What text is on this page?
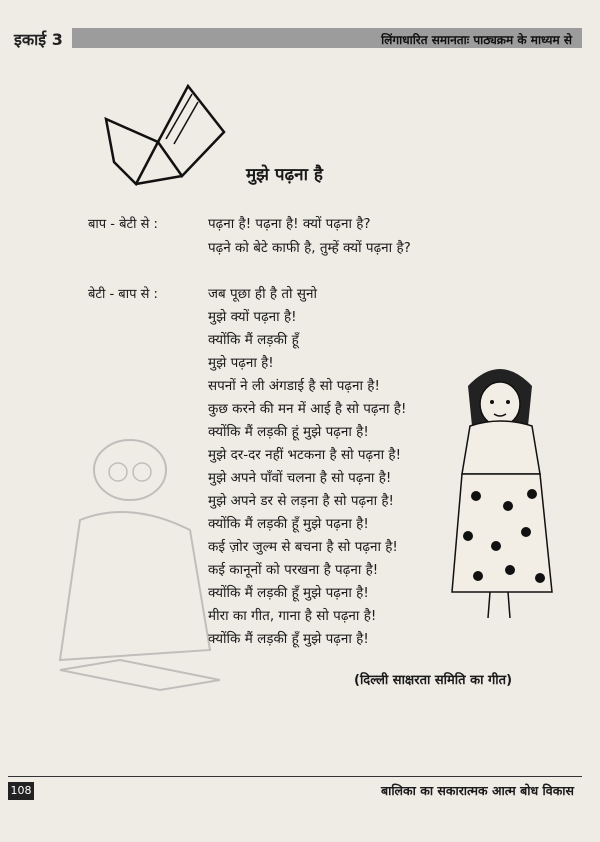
इकाई 3	लिंगाधारित समानताः पाठ्यक्रम के माध्यम से
मुझे पढ़ना है
बाप - बेटी से :	पढ़ना है! पढ़ना है! क्यों पढ़ना है?
पढ़ने को बेटे काफी है, तुम्हें क्यों पढ़ना है?
बेटी - बाप से :	जब पूछा ही है तो सुनो
मुझे क्यों पढ़ना है!
क्योंकि मैं लड़की हूँ
मुझे पढ़ना है!
सपनों ने ली अंगडाई है सो पढ़ना है!
कुछ करने की मन में आई है सो पढ़ना है!
क्योंकि मैं लड़की हूं मुझे पढ़ना है!
मुझे दर-दर नहीं भटकना है सो पढ़ना है!
मुझे अपने पाँवों चलना है सो पढ़ना है!
मुझे अपने डर से लड़ना है सो पढ़ना है!
क्योंकि मैं लड़की हूँ मुझे पढ़ना है!
कई ज़ोर जुल्म से बचना है सो पढ़ना है!
कई कानूनों को परखना है पढ़ना है!
क्योंकि मैं लड़की हूँ मुझे पढ़ना है!
मीरा का गीत, गाना है सो पढ़ना है!
क्योंकि मैं लड़की हूँ मुझे पढ़ना है!
(दिल्ली साक्षरता समिति का गीत)
108	बालिका का सकारात्मक आत्म बोध विकास
